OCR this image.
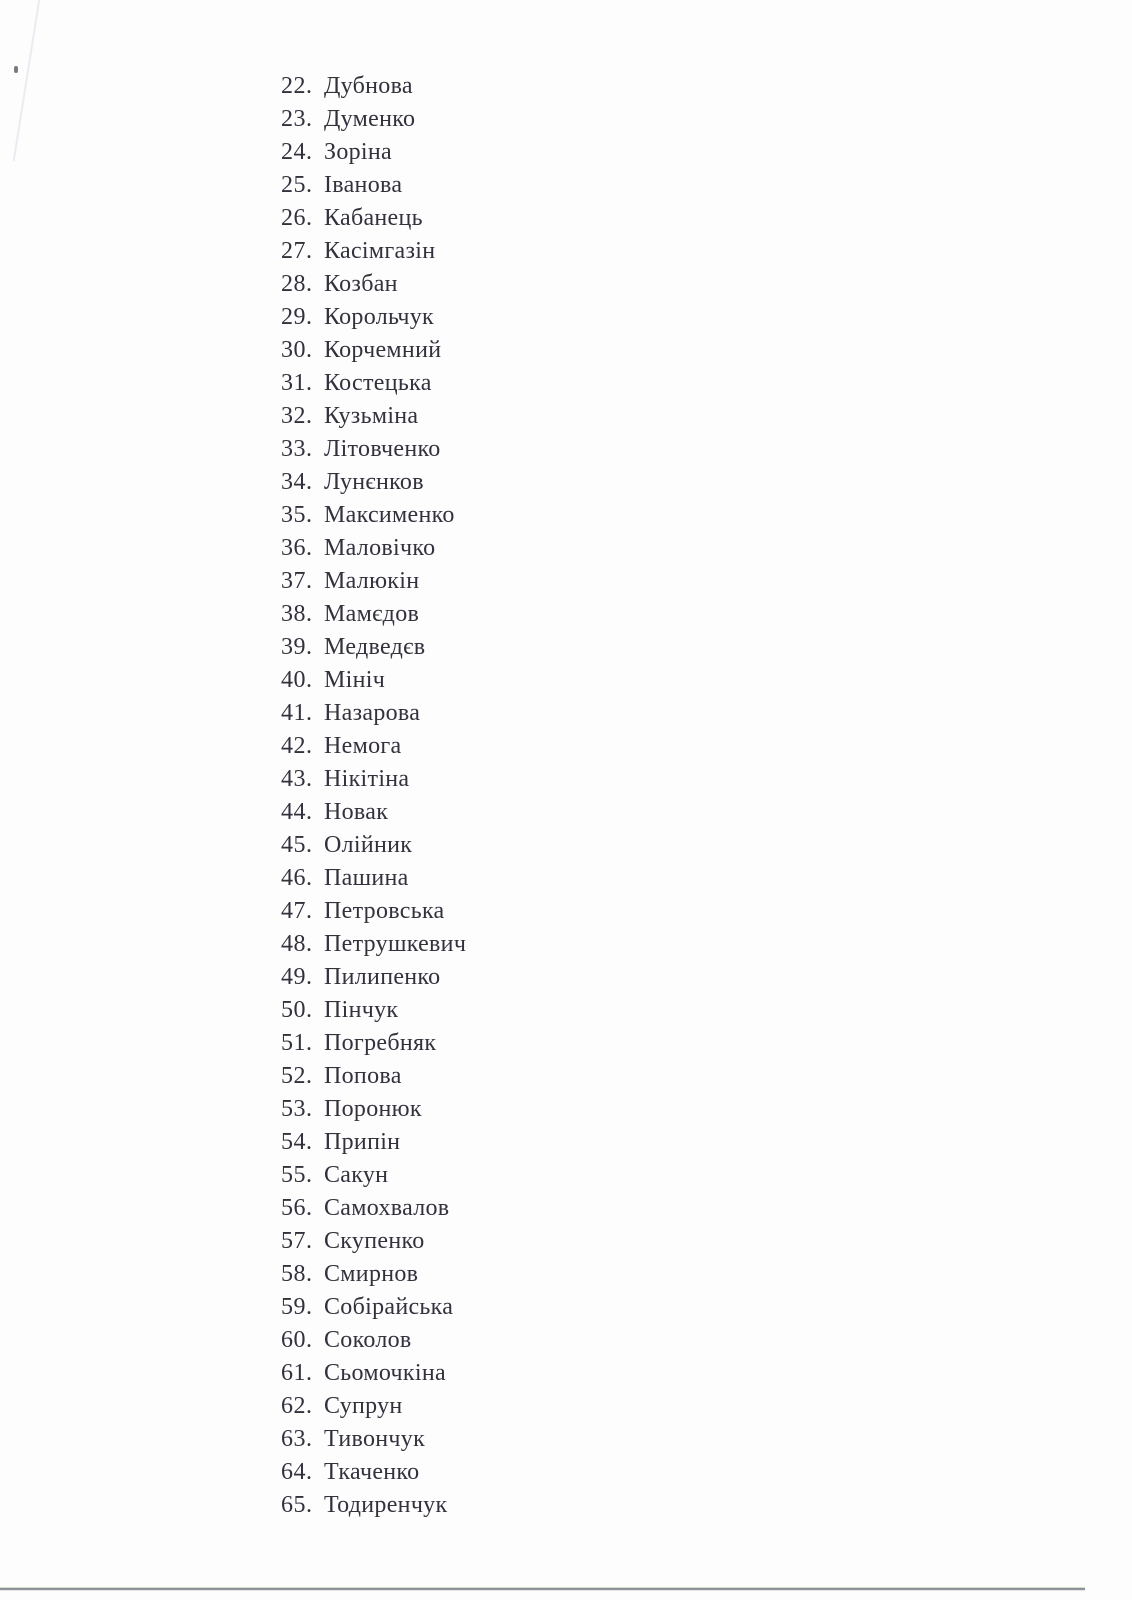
22. Дубнова
23. Думенко
24. Зоріна
25. Іванова
26. Кабанець
27. Касімгазін
28. Козбан
29. Корольчук
30. Корчемний
31. Костецька
32. Кузьміна
33. Літовченко
34. Лунєнков
35. Максименко
36. Маловічко
37. Малюкін
38. Мамєдов
39. Медведєв
40. Мініч
41. Назарова
42. Немога
43. Нікітіна
44. Новак
45. Олійник
46. Пашина
47. Петровська
48. Петрушкевич
49. Пилипенко
50. Пінчук
51. Погребняк
52. Попова
53. Поронюк
54. Припін
55. Сакун
56. Самохвалов
57. Скупенко
58. Смирнов
59. Собірайська
60. Соколов
61. Сьомочкіна
62. Супрун
63. Тивончук
64. Ткаченко
65. Тодиренчук
